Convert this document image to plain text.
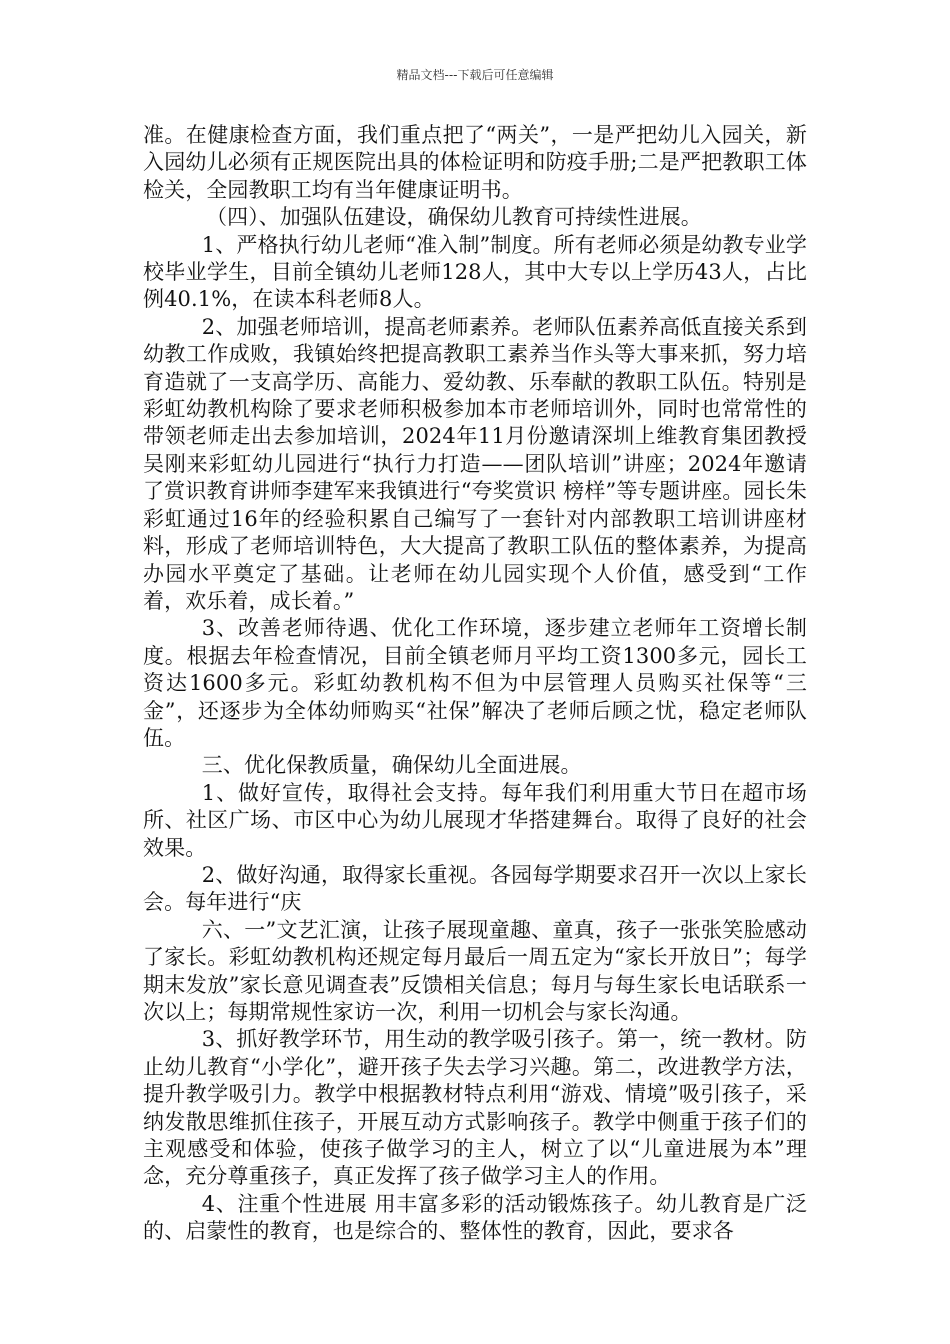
精品文档---下载后可任意编辑

准。在健康检查方面，我们重点把了“两关”，一是严把幼儿入园关，新入园幼儿必须有正规医院出具的体检证明和防疫手册;二是严把教职工体检关，全园教职工均有当年健康证明书。

（四）、加强队伍建设，确保幼儿教育可持续性进展。

1、严格执行幼儿老师“准入制”制度。所有老师必须是幼教专业学校毕业学生，目前全镇幼儿老师128人，其中大专以上学历43人，占比例40.1%，在读本科老师8人。

2、加强老师培训，提高老师素养。老师队伍素养高低直接关系到幼教工作成败，我镇始终把提高教职工素养当作头等大事来抓，努力培育造就了一支高学历、高能力、爱幼教、乐奉献的教职工队伍。特别是彩虹幼教机构除了要求老师积极参加本市老师培训外，同时也常常性的带领老师走出去参加培训，2024年11月份邀请深圳上维教育集团教授吴刚来彩虹幼儿园进行“执行力打造——团队培训”讲座；2024年邀请了赏识教育讲师李建军来我镇进行“夸奖赏识 榜样”等专题讲座。园长朱彩虹通过16年的经验积累自己编写了一套针对内部教职工培训讲座材料，形成了老师培训特色，大大提高了教职工队伍的整体素养，为提高办园水平奠定了基础。让老师在幼儿园实现个人价值，感受到“工作着，欢乐着，成长着。”

3、改善老师待遇、优化工作环境，逐步建立老师年工资增长制度。根据去年检查情况，目前全镇老师月平均工资1300多元，园长工资达1600多元。彩虹幼教机构不但为中层管理人员购买社保等“三金”，还逐步为全体幼师购买“社保”解决了老师后顾之忧，稳定老师队伍。

三、优化保教质量，确保幼儿全面进展。

1、做好宣传，取得社会支持。每年我们利用重大节日在超市场所、社区广场、市区中心为幼儿展现才华搭建舞台。取得了良好的社会效果。

2、做好沟通，取得家长重视。各园每学期要求召开一次以上家长会。每年进行“庆

六、一”文艺汇演，让孩子展现童趣、童真，孩子一张张笑脸感动了家长。彩虹幼教机构还规定每月最后一周五定为“家长开放日”；每学期末发放”家长意见调查表”反馈相关信息；每月与每生家长电话联系一次以上；每期常规性家访一次，利用一切机会与家长沟通。

3、抓好教学环节，用生动的教学吸引孩子。第一，统一教材。防止幼儿教育“小学化”，避开孩子失去学习兴趣。第二，改进教学方法，提升教学吸引力。教学中根据教材特点利用“游戏、情境”吸引孩子，采纳发散思维抓住孩子，开展互动方式影响孩子。教学中侧重于孩子们的主观感受和体验，使孩子做学习的主人，树立了以“儿童进展为本”理念，充分尊重孩子，真正发挥了孩子做学习主人的作用。

4、注重个性进展 用丰富多彩的活动锻炼孩子。幼儿教育是广泛的、启蒙性的教育，也是综合的、整体性的教育，因此，要求各
